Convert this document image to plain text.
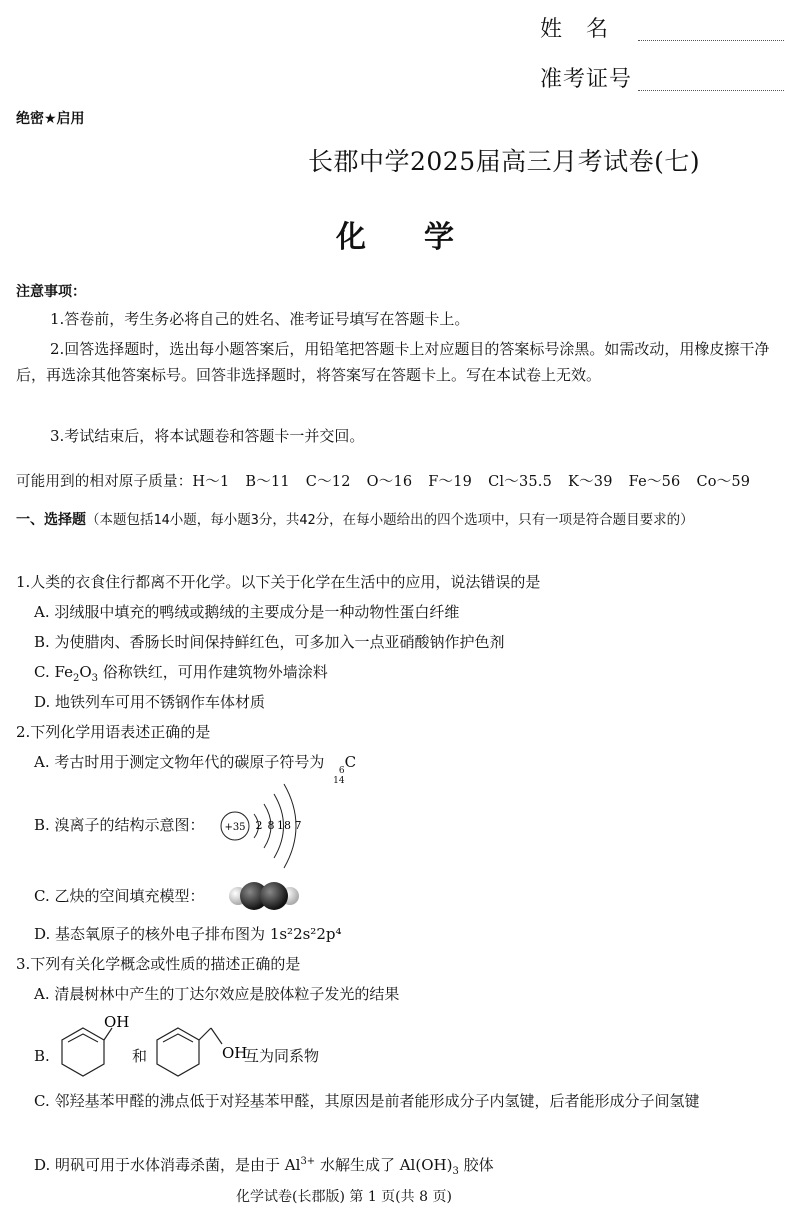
姓　名
准考证号
绝密★启用
长郡中学2025届高三月考试卷(七)
化学
注意事项：
1.答卷前，考生务必将自己的姓名、准考证号填写在答题卡上。
2.回答选择题时，选出每小题答案后，用铅笔把答题卡上对应题目的答案标号涂黑。如需改动，用橡皮擦干净后，再选涂其他答案标号。回答非选择题时，将答案写在答题卡上。写在本试卷上无效。
3.考试结束后，将本试题卷和答题卡一并交回。
可能用到的相对原子质量： H～1 B～11 C～12 O～16 F～19 Cl～35.5 K～39 Fe～56 Co～59
一、选择题（本题包括14小题，每小题3分，共42分，在每小题给出的四个选项中，只有一项是符合题目要求的）
1.人类的衣食住行都离不开化学。以下关于化学在生活中的应用，说法错误的是
A. 羽绒服中填充的鸭绒或鹅绒的主要成分是一种动物性蛋白纤维
B. 为使腊肉、香肠长时间保持鲜红色，可多加入一点亚硝酸钠作护色剂
C. $Fe_2O_3$ 俗称铁红，可用作建筑物外墙涂料
D. 地铁列车可用不锈钢作车体材质
2.下列化学用语表述正确的是
A. 考古时用于测定文物年代的碳原子符号为	6
14
C
B. 溴离子的结构示意图： +35 2 8 18 7
C. 乙炔的空间填充模型：
D. 基态氧原子的核外电子排布图为 1s²2s²2p⁴
3.下列有关化学概念或性质的描述正确的是
A. 清晨树林中产生的丁达尔效应是胶体粒子发光的结果
B.
OH
和	OH
互为同系物
C. 邻羟基苯甲醛的沸点低于对羟基苯甲醛，其原因是前者能形成分子内氢键，后者能形成分子间氢键
D. 明矾可用于水体消毒杀菌，是由于 $Al^{3+}$ 水解生成了 $Al(OH)_3$ 胶体
化学试卷(长郡版) 第 1 页(共 8 页)
